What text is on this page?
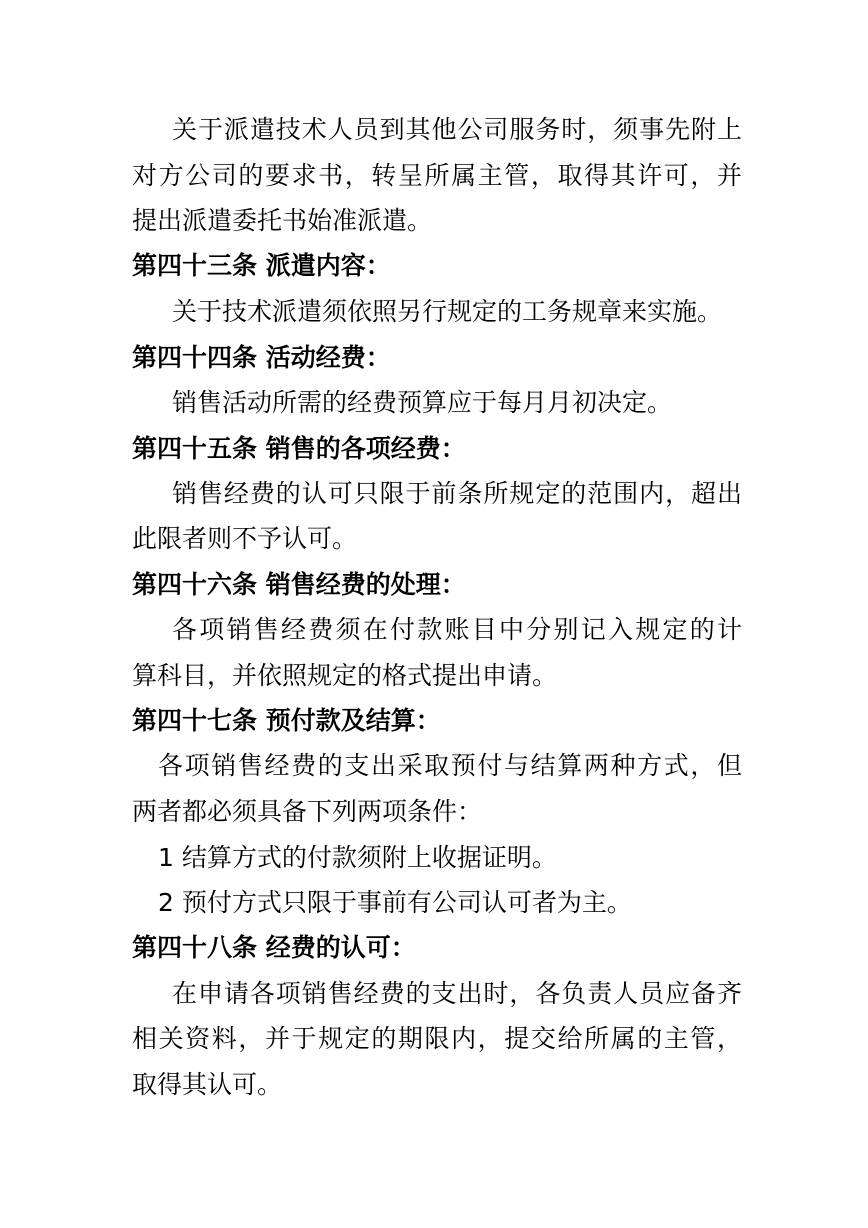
关于派遣技术人员到其他公司服务时，须事先附上
对方公司的要求书，转呈所属主管，取得其许可，并
提出派遣委托书始准派遣。
第四十三条 派遣内容：
关于技术派遣须依照另行规定的工务规章来实施。
第四十四条 活动经费：
销售活动所需的经费预算应于每月月初决定。
第四十五条 销售的各项经费：
销售经费的认可只限于前条所规定的范围内，超出
此限者则不予认可。
第四十六条 销售经费的处理：
各项销售经费须在付款账目中分别记入规定的计
算科目，并依照规定的格式提出申请。
第四十七条 预付款及结算：
各项销售经费的支出采取预付与结算两种方式，但
两者都必须具备下列两项条件：
1 结算方式的付款须附上收据证明。
2 预付方式只限于事前有公司认可者为主。
第四十八条 经费的认可：
在申请各项销售经费的支出时，各负责人员应备齐
相关资料，并于规定的期限内，提交给所属的主管，
取得其认可。
